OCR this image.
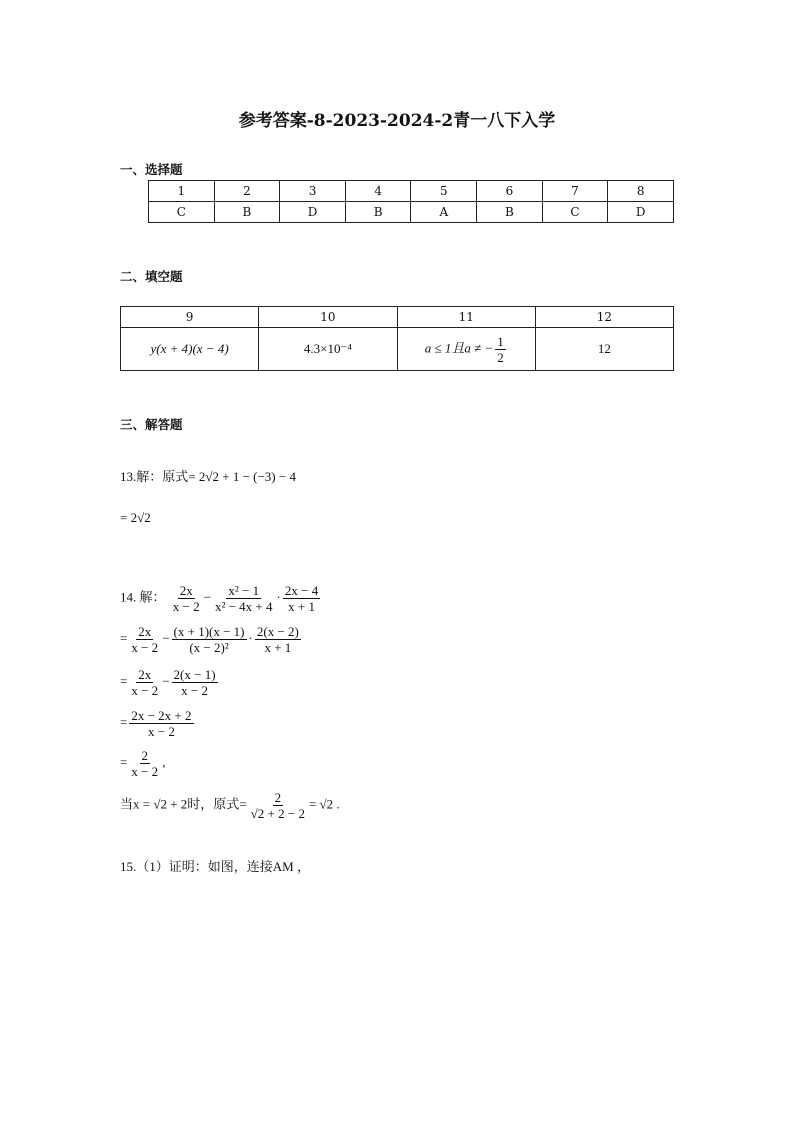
参考答案-8-2023-2024-2青一八下入学
一、选择题
1	2	3	4	5	6	7	8
C	B	D	B	A	B	C	D
二、填空题
9	10	11	12
y(x + 4)(x − 4)	4.3×10⁻⁴	a ≤ 1且a ≠ − $\frac{1}{2}$	12
三、解答题
13.解：原式= 2√2 + 1 − (−3) − 4
= 2√2
14. 解： $\frac{2x}{x - 2} - \frac{\text{x² − 1}}{\text{x² − 4x + 4}} \cdot \frac{2x - 4}{x + 1}$
= $\frac{2x}{x - 2} - \frac{(x + 1)(x - 1)}{\text{(x − 2)²}} \cdot \frac{2(x - 2)}{x + 1}$
= $\frac{2x}{x - 2} - \frac{2(x - 1)}{x - 2}$
= $\frac{2x - 2x + 2}{x - 2}$
= $\frac{2}{x - 2}$ ,
当x = √2 + 2时，原式= $\frac{2}{√2 + 2 - 2} = √2$ .
15.（1）证明：如图，连接AM ，
